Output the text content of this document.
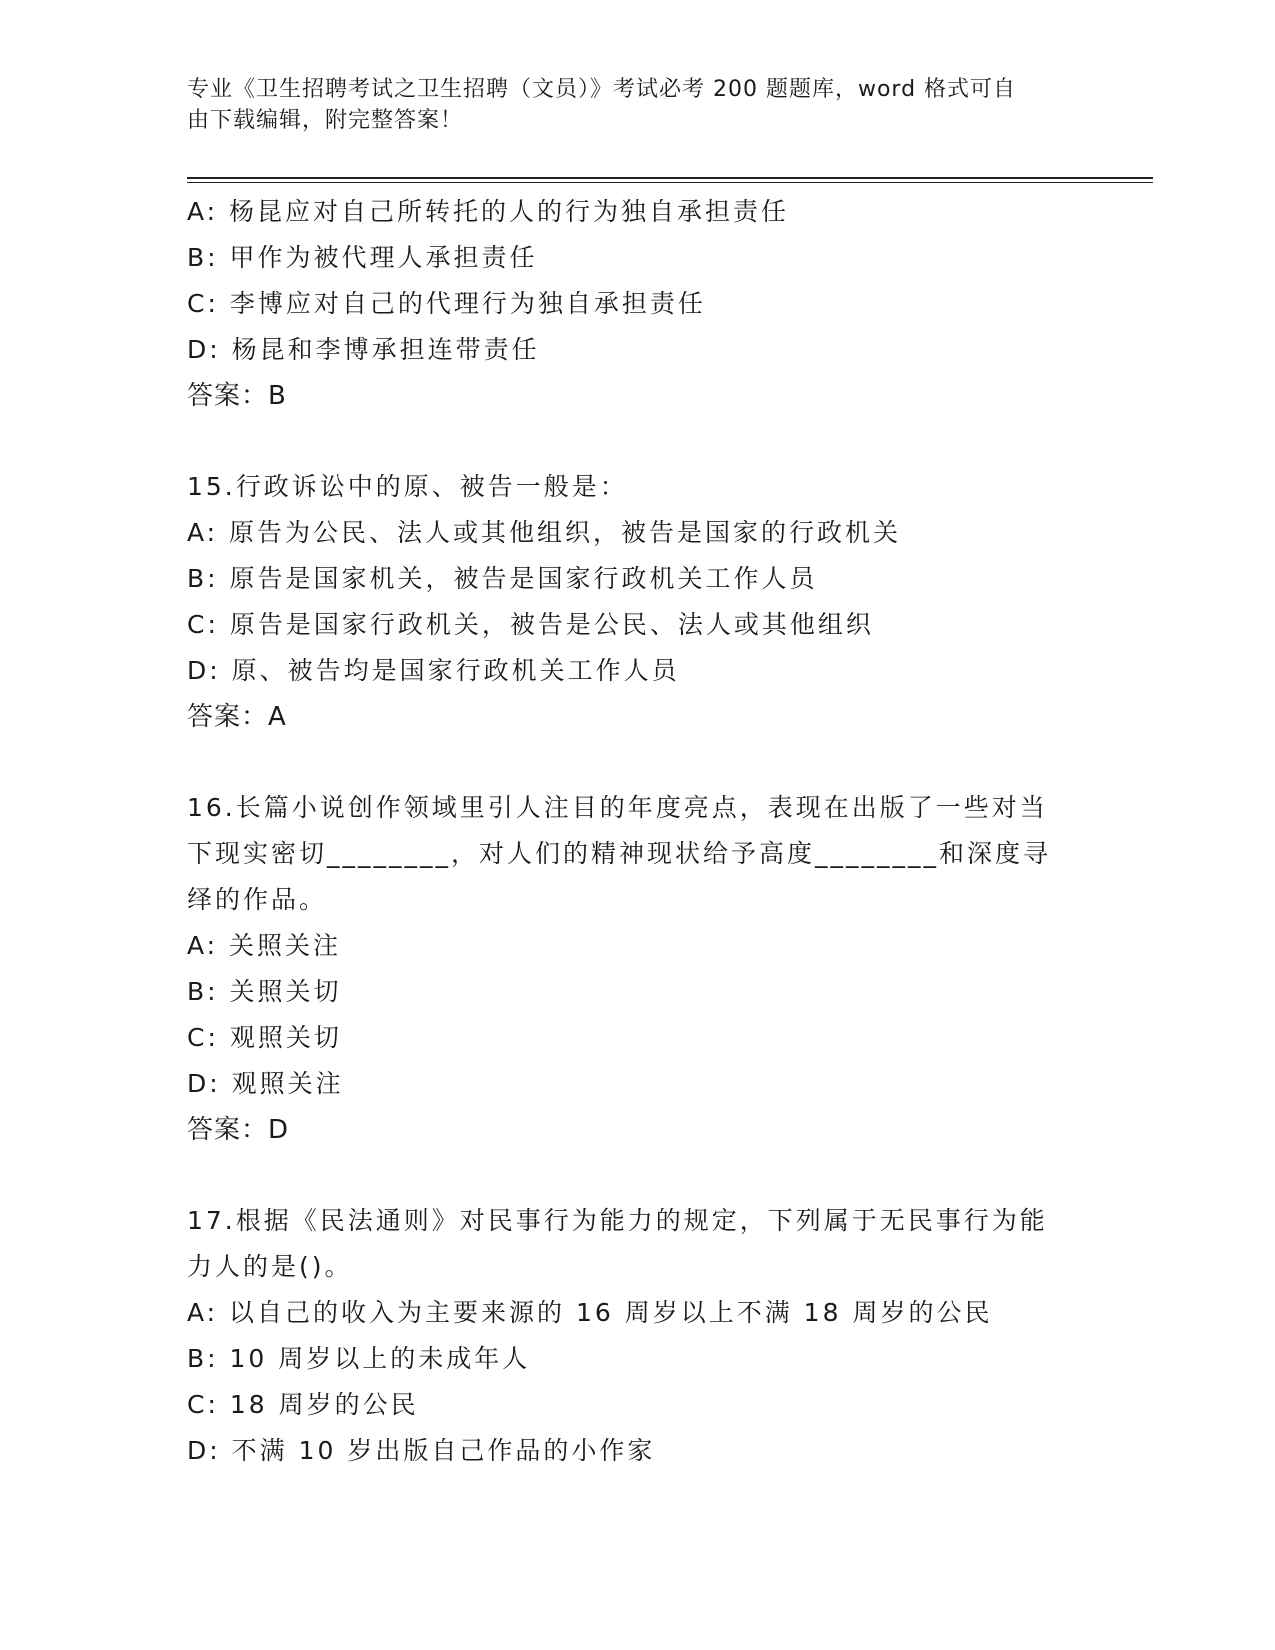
专业《卫生招聘考试之卫生招聘（文员）》考试必考 200 题题库，word 格式可自
由下载编辑，附完整答案！
A: 杨昆应对自己所转托的人的行为独自承担责任
B: 甲作为被代理人承担责任
C: 李博应对自己的代理行为独自承担责任
D: 杨昆和李博承担连带责任
答案：B
15.行政诉讼中的原、被告一般是：
A: 原告为公民、法人或其他组织，被告是国家的行政机关
B: 原告是国家机关，被告是国家行政机关工作人员
C: 原告是国家行政机关，被告是公民、法人或其他组织
D: 原、被告均是国家行政机关工作人员
答案：A
16.长篇小说创作领域里引人注目的年度亮点，表现在出版了一些对当
下现实密切________，对人们的精神现状给予高度________和深度寻
绎的作品。
A: 关照关注
B: 关照关切
C: 观照关切
D: 观照关注
答案：D
17.根据《民法通则》对民事行为能力的规定，下列属于无民事行为能
力人的是()。
A: 以自己的收入为主要来源的 16 周岁以上不满 18 周岁的公民
B: 10 周岁以上的未成年人
C: 18 周岁的公民
D: 不满 10 岁出版自己作品的小作家
